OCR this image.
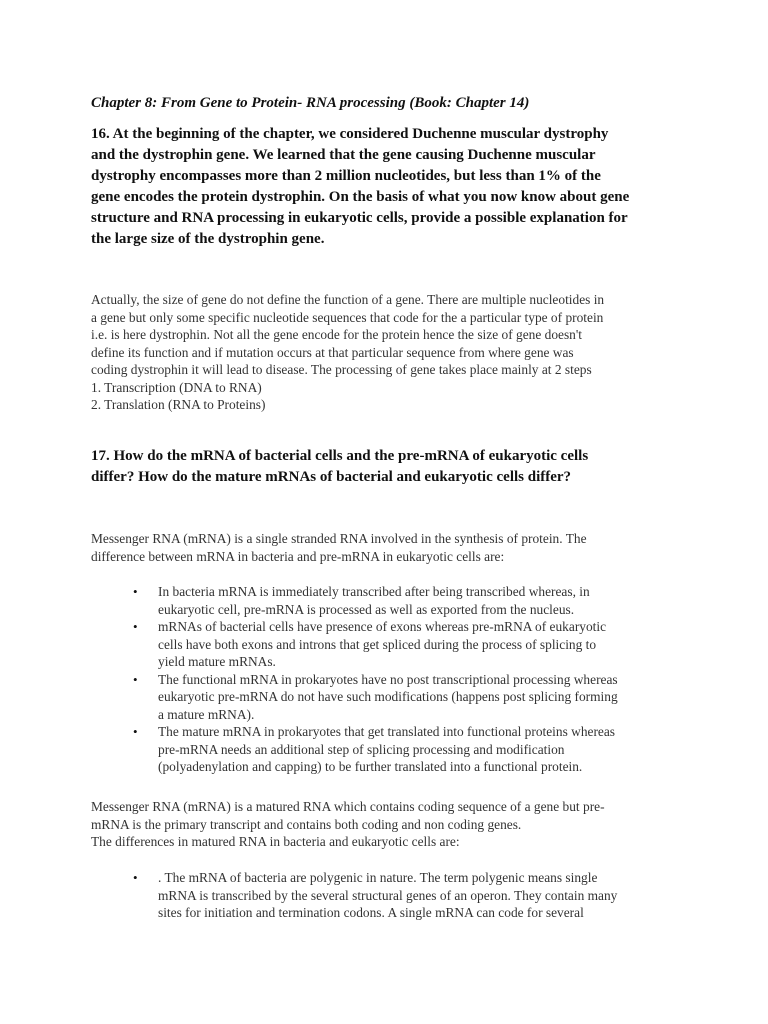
Chapter 8: From Gene to Protein- RNA processing (Book: Chapter 14)
16. At the beginning of the chapter, we considered Duchenne muscular dystrophy
and the dystrophin gene. We learned that the gene causing Duchenne muscular
dystrophy encompasses more than 2 million nucleotides, but less than 1% of the
gene encodes the protein dystrophin. On the basis of what you now know about gene
structure and RNA processing in eukaryotic cells, provide a possible explanation for
the large size of the dystrophin gene.
Actually, the size of gene do not define the function of a gene. There are multiple nucleotides in
a gene but only some specific nucleotide sequences that code for the a particular type of protein
i.e. is here dystrophin. Not all the gene encode for the protein hence the size of gene doesn't
define its function and if mutation occurs at that particular sequence from where gene was
coding dystrophin it will lead to disease. The processing of gene takes place mainly at 2 steps
1. Transcription (DNA to RNA)
2. Translation (RNA to Proteins)
17. How do the mRNA of bacterial cells and the pre-mRNA of eukaryotic cells
differ? How do the mature mRNAs of bacterial and eukaryotic cells differ?
Messenger RNA (mRNA) is a single stranded RNA involved in the synthesis of protein. The
difference between mRNA in bacteria and pre-mRNA in eukaryotic cells are:
• In bacteria mRNA is immediately transcribed after being transcribed whereas, in
eukaryotic cell, pre-mRNA is processed as well as exported from the nucleus.
• mRNAs of bacterial cells have presence of exons whereas pre-mRNA of eukaryotic
cells have both exons and introns that get spliced during the process of splicing to
yield mature mRNAs.
• The functional mRNA in prokaryotes have no post transcriptional processing whereas
eukaryotic pre-mRNA do not have such modifications (happens post splicing forming
a mature mRNA).
• The mature mRNA in prokaryotes that get translated into functional proteins whereas
pre-mRNA needs an additional step of splicing processing and modification
(polyadenylation and capping) to be further translated into a functional protein.
Messenger RNA (mRNA) is a matured RNA which contains coding sequence of a gene but pre-
mRNA is the primary transcript and contains both coding and non coding genes.
The differences in matured RNA in bacteria and eukaryotic cells are:
• . The mRNA of bacteria are polygenic in nature. The term polygenic means single
mRNA is transcribed by the several structural genes of an operon. They contain many
sites for initiation and termination codons. A single mRNA can code for several
